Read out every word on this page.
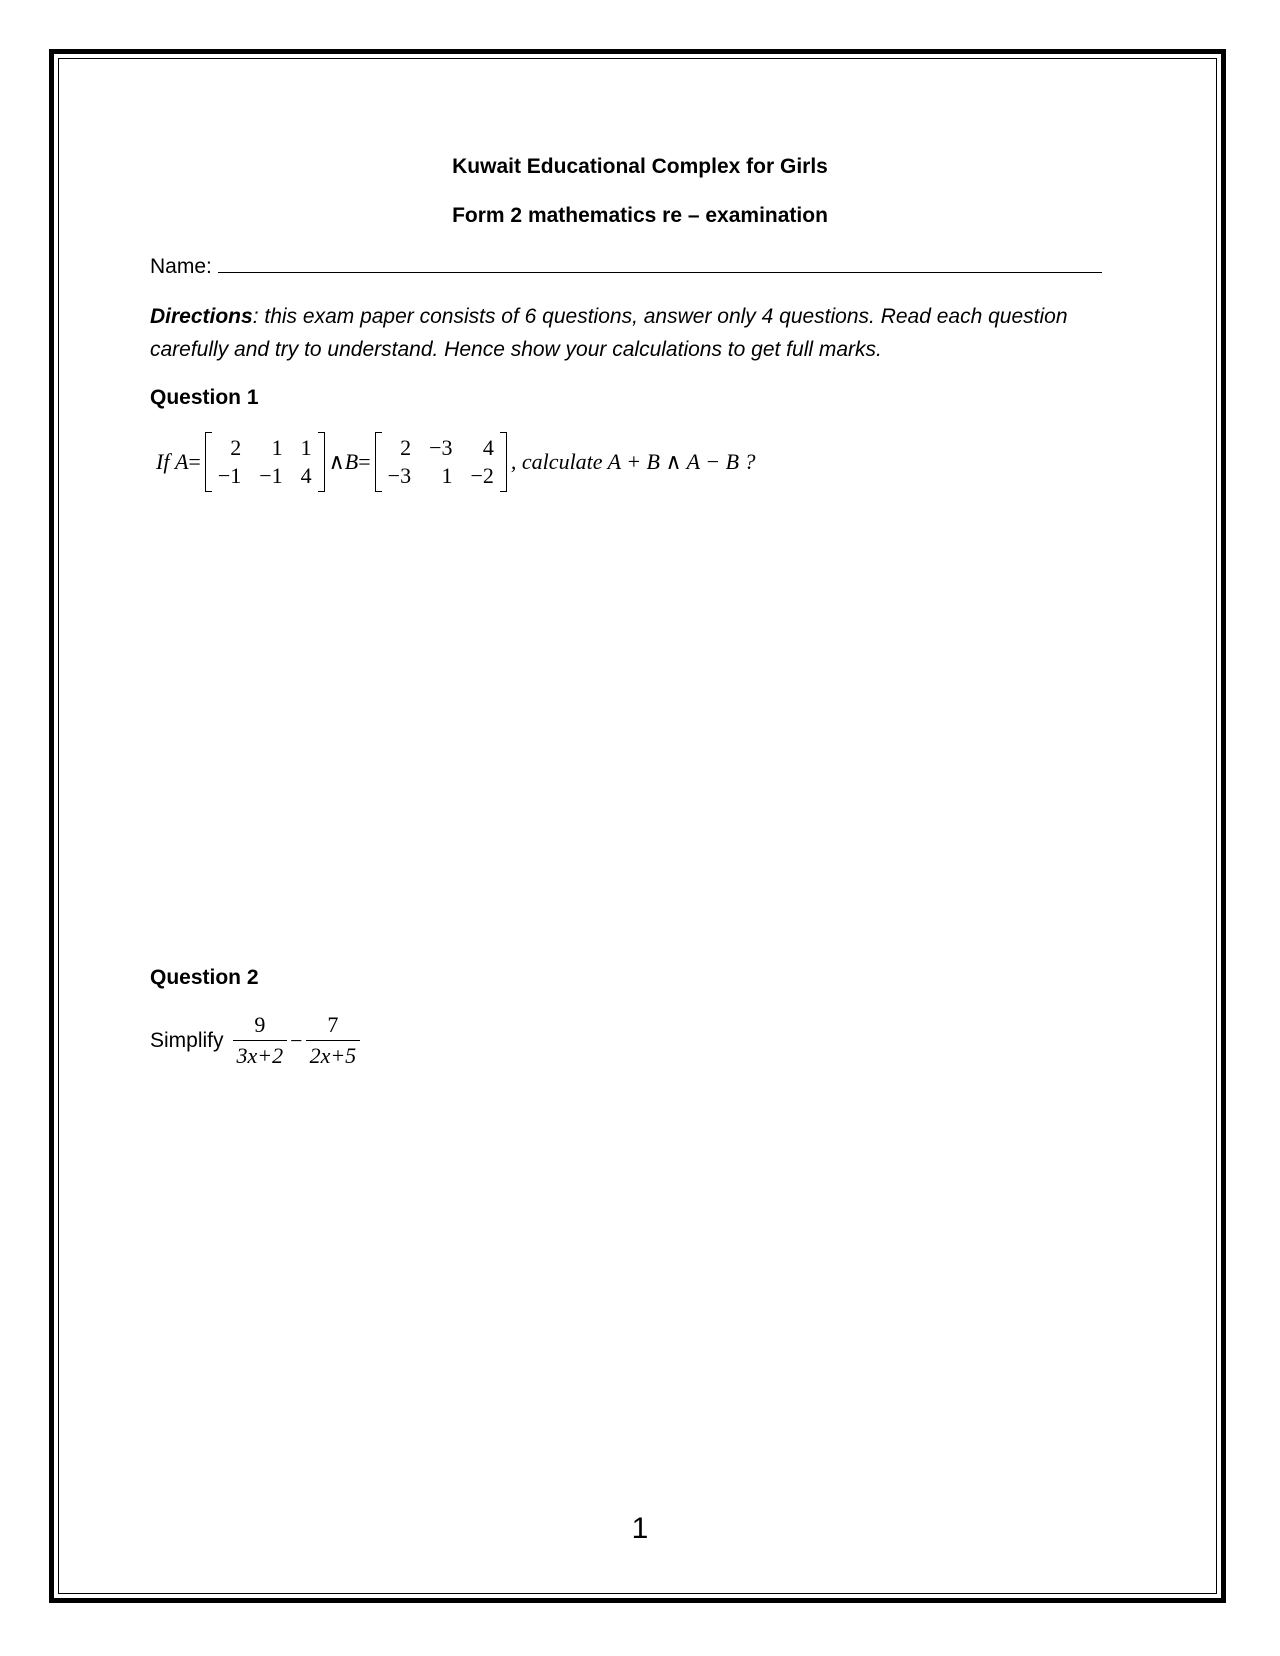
Kuwait Educational Complex for Girls
Form 2 mathematics re – examination
Name:
Directions: this exam paper consists of 6 questions, answer only 4 questions. Read each question carefully and try to understand. Hence show your calculations to get full marks.
Question 1
If
A =
2	1 1
−1 −1 4
∧ B =
2 −3	4
−3	1 −2
, calculate A + B ∧ A − B ?
Question 2
Simplify $\frac{9}{3x+2} - \frac{7}{2x+5}$
1
